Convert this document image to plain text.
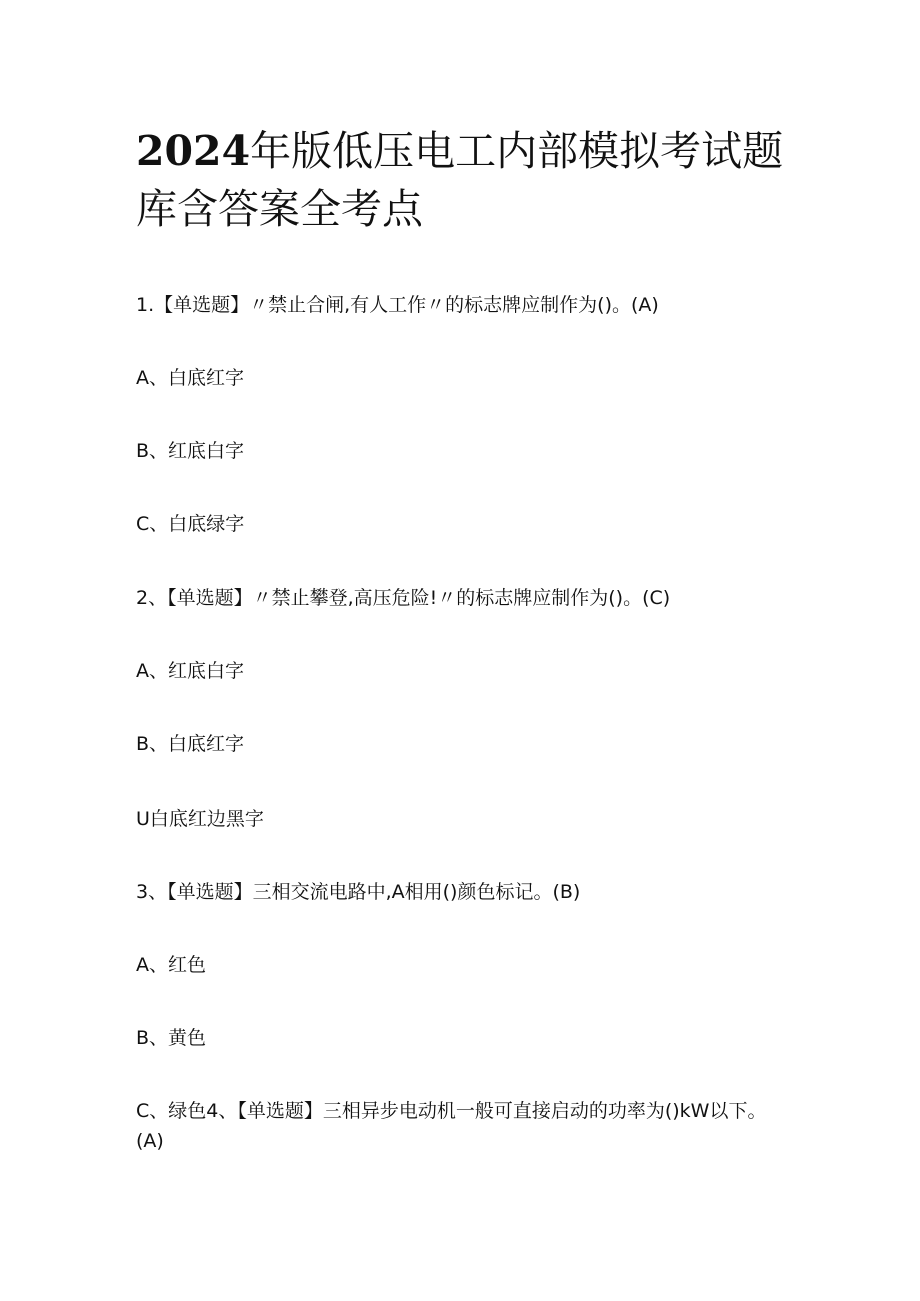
2024年版低压电工内部模拟考试题库含答案全考点

1.【单选题】〃禁止合闸,有人工作〃的标志牌应制作为()。(A)

A、白底红字

B、红底白字

C、白底绿字

2、【单选题】〃禁止攀登,高压危险!〃的标志牌应制作为()。(C)

A、红底白字

B、白底红字

U白底红边黑字

3、【单选题】三相交流电路中,A相用()颜色标记。(B)

A、红色

B、黄色

C、绿色4、【单选题】三相异步电动机一般可直接启动的功率为()kW以下。(A)
